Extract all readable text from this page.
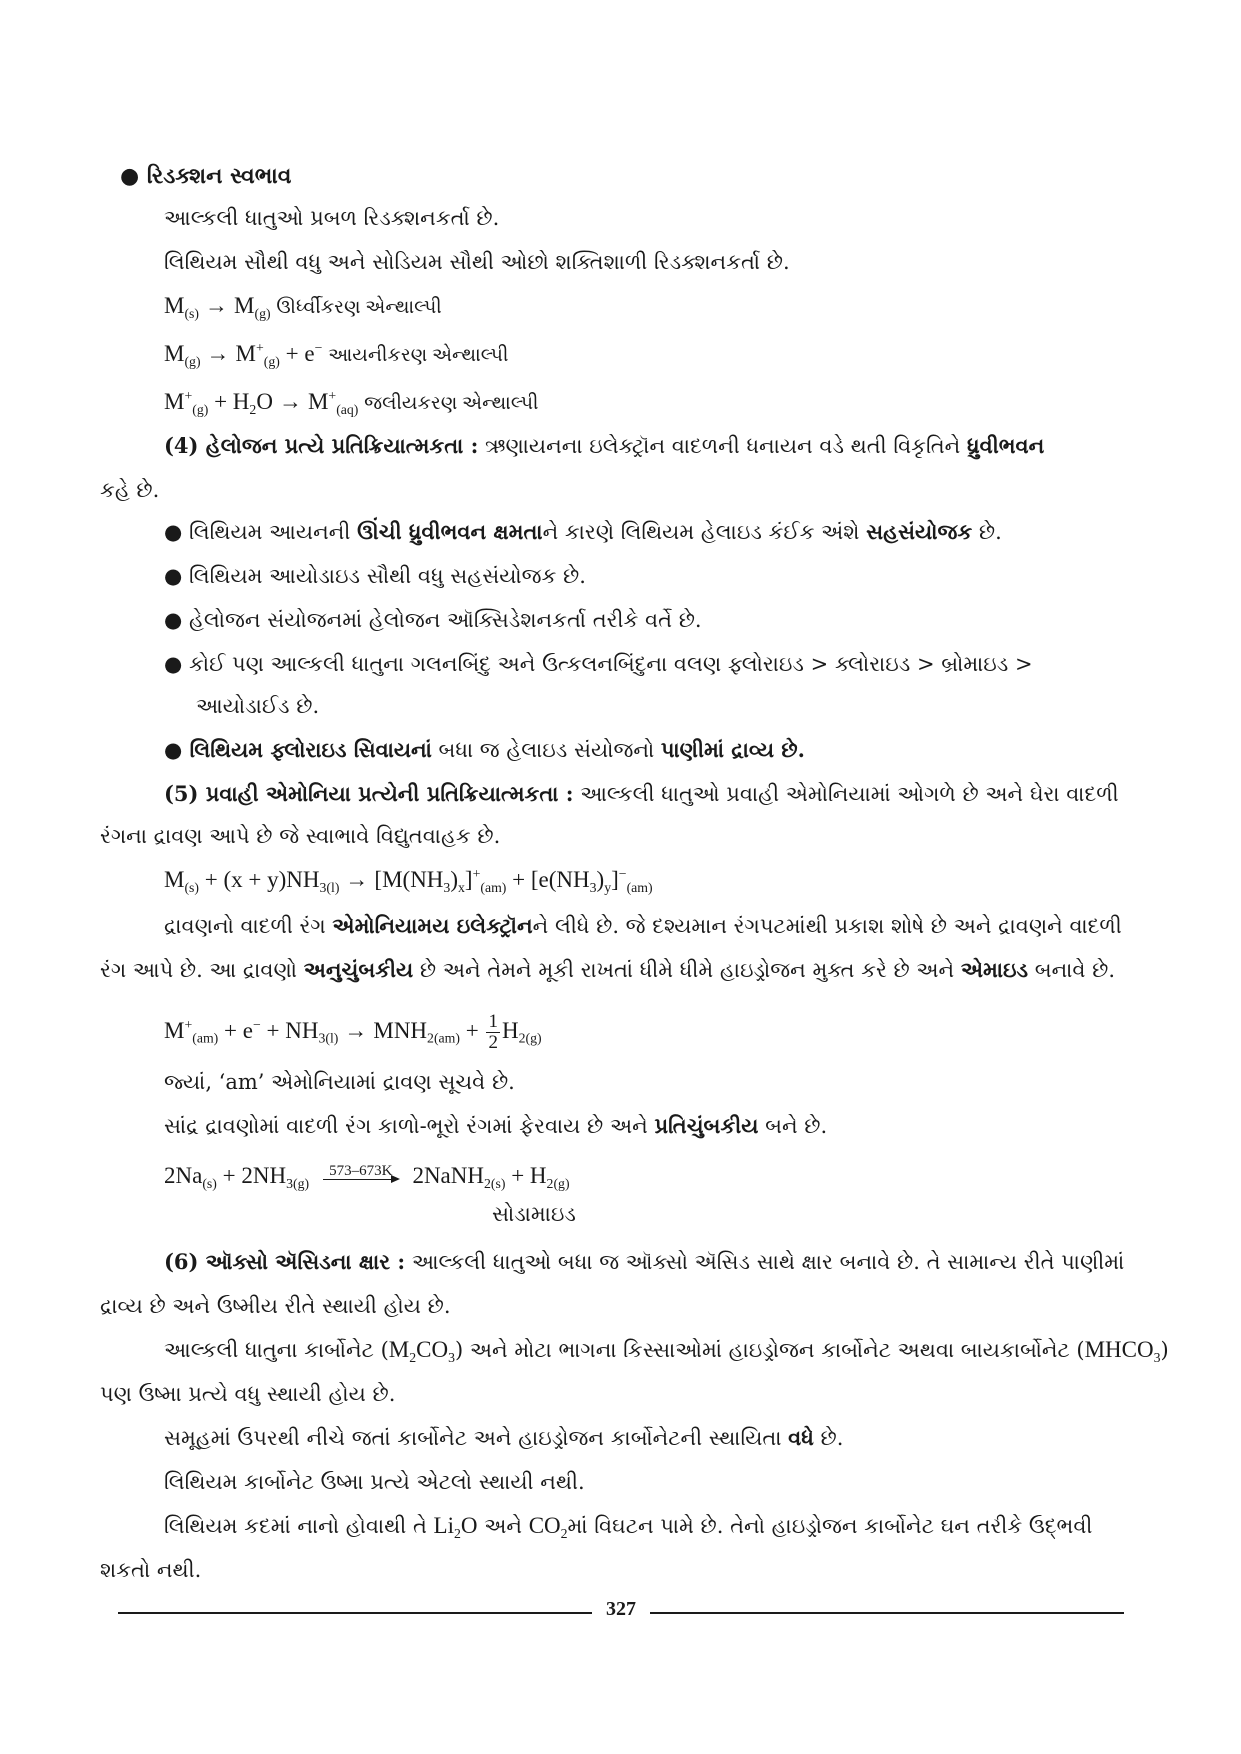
● રિડક્શન સ્વભાવ
આલ્કલી ધાતુઓ પ્રબળ રિડક્શનકર્તા છે.
લિથિયમ સૌથી વધુ અને સોડિયમ સૌથી ઓછો શક્તિશાળી રિડક્શનકર્તા છે.
$M_{(s)} \to M_{(g)}$ ઊર્ધ્વીકરણ એન્થાલ્પી
$M_{(g)} \to M^+_{(g)} + e^-$ આયનીકરણ એન્થાલ્પી
$M^+_{(g)} + H_2O \to M^+_{(aq)}$ જલીયકરણ એન્થાલ્પી
(4) હેલોજન પ્રત્યે પ્રતિક્રિયાત્મકતા : ઋણાયનના ઇલેક્ટ્રૉન વાદળની ધનાયન વડે થતી વિકૃતિને ધ્રુવીભવન
કહે છે.
● લિથિયમ આયનની ઊંચી ધ્રુવીભવન ક્ષમતાને કારણે લિથિયમ હેલાઇડ કંઈક અંશે સહસંયોજક છે.
● લિથિયમ આયોડાઇડ સૌથી વધુ સહસંયોજક છે.
● હેલોજન સંયોજનમાં હેલોજન ઑક્સિડેશનકર્તા તરીકે વર્તે છે.
● કોઈ પણ આલ્કલી ધાતુના ગલનબિંદુ અને ઉત્કલનબિંદુના વલણ ફ્લોરાઇડ > ક્લોરાઇડ > બ્રોમાઇડ >
આયોડાઈડ છે.
● લિથિયમ ફ્લોરાઇડ સિવાયનાં બધા જ હેલાઇડ સંયોજનો પાણીમાં દ્રાવ્ય છે.
(5) પ્રવાહી એમોનિયા પ્રત્યેની પ્રતિક્રિયાત્મકતા : આલ્કલી ધાતુઓ પ્રવાહી એમોનિયામાં ઓગળે છે અને ઘેરા વાદળી
રંગના દ્રાવણ આપે છે જે સ્વાભાવે વિદ્યુતવાહક છે.
$M_{(s)} + (x + y)NH_{3(l)} \to [M(NH_3)_x]^+_{(am)} + [e(NH_3)_y]^-_{(am)}$
દ્રાવણનો વાદળી રંગ એમોનિયામય ઇલેક્ટ્રૉનને લીધે છે. જે દશ્યમાન રંગપટમાંથી પ્રકાશ શોષે છે અને દ્રાવણને વાદળી
રંગ આપે છે. આ દ્રાવણો અનુચુંબકીય છે અને તેમને મૂકી રાખતાં ધીમે ધીમે હાઇડ્રોજન મુક્ત કરે છે અને એમાઇડ બનાવે છે.
$M^+_{(am)} + e^- + NH_{3(l)} \to MNH_{2(am)} + \frac{1}{2} H_{2(g)}$
જ્યાં, ‘am’ એમોનિયામાં દ્રાવણ સૂચવે છે.
સાંદ્ર દ્રાવણોમાં વાદળી રંગ કાળો-ભૂરો રંગમાં ફેરવાય છે અને પ્રતિચુંબકીય બને છે.
$2Na_{(s)} + 2NH_{3(g)}$
573–673K 2NaNH$_{2(s)}$ + $H_{2(g)}$
સોડામાઇડ
(6) ઑક્સો ઍસિડના ક્ષાર : આલ્કલી ધાતુઓ બધા જ ઑક્સો ઍસિડ સાથે ક્ષાર બનાવે છે. તે સામાન્ય રીતે પાણીમાં
દ્રાવ્ય છે અને ઉષ્મીય રીતે સ્થાયી હોય છે.
આલ્કલી ધાતુના કાર્બોનેટ $(M_2CO_3)$ અને મોટા ભાગના કિસ્સાઓમાં હાઇડ્રોજન કાર્બોનેટ અથવા બાયકાર્બોનેટ $(MHCO_3)$
પણ ઉષ્મા પ્રત્યે વધુ સ્થાયી હોય છે.
સમૂહમાં ઉપરથી નીચે જતાં કાર્બોનેટ અને હાઇડ્રોજન કાર્બોનેટની સ્થાયિતા વધે છે.
લિથિયમ કાર્બોનેટ ઉષ્મા પ્રત્યે એટલો સ્થાયી નથી.
લિથિયમ કદમાં નાનો હોવાથી તે $Li_2O$ અને $CO_2માં$ વિઘટન પામે છે. તેનો હાઇડ્રોજન કાર્બોનેટ ઘન તરીકે ઉદ્ભવી
શકતો નથી.
327
